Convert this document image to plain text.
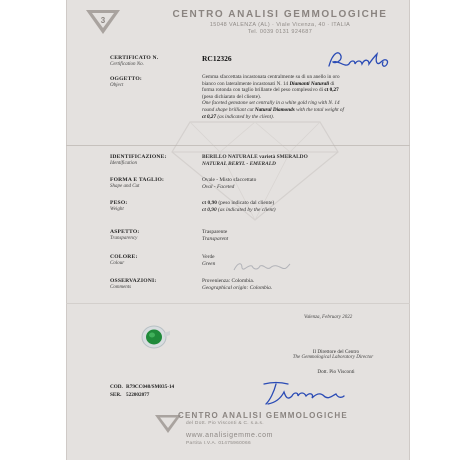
3
CENTRO ANALISI GEMMOLOGICHE
15048 VALENZA (AL) · Viale Vicenza, 40 · ITALIA
Tel. 0039 0131 924687
CERTIFICATO N.
Certification No.
RC12326
OGGETTO:
Object
Gemma sfaccettata incastonata centralmente su di un anello in oro
bianco con lateralmente incastonati N. 14 Diamanti Naturali di
forma rotonda con taglio brillante del peso complessivo di ct 0,27
(peso dichiarato del cliente).
One faceted gemstone set centrally in a white gold ring with N. 14
round shape brilliant cut Natural Diamonds with the total weight of
ct 0,27 (as indicated by the client).
IDENTIFICAZIONE:
Identification
BERILLO NATURALE varietà SMERALDO
NATURAL BERYL - EMERALD
FORMA E TAGLIO:
Shape and Cut
Ovale - Misto sfaccettato
Oval - Faceted
PESO:
Weight
ct 0,90 (peso indicato dal cliente)
ct 0,90 (as indicated by the client)
ASPETTO:
Transparency
Trasparente
Transparent
COLORE:
Colour
Verde
Green
OSSERVAZIONI:
Comments
Provenienza: Colombia.
Geographical origin: Colombia.
Valenza, February 2022
Il Direttore del Centro
The Gemmological Laboratory Director
Dott. Pio Visconti
COD. R79CC048/SM035-14
SER. 522002077
CENTRO ANALISI GEMMOLOGICHE
del Dott. Pio Visconti & C. s.a.s.
www.analisigemme.com
Partita I.V.A. 01475960066
